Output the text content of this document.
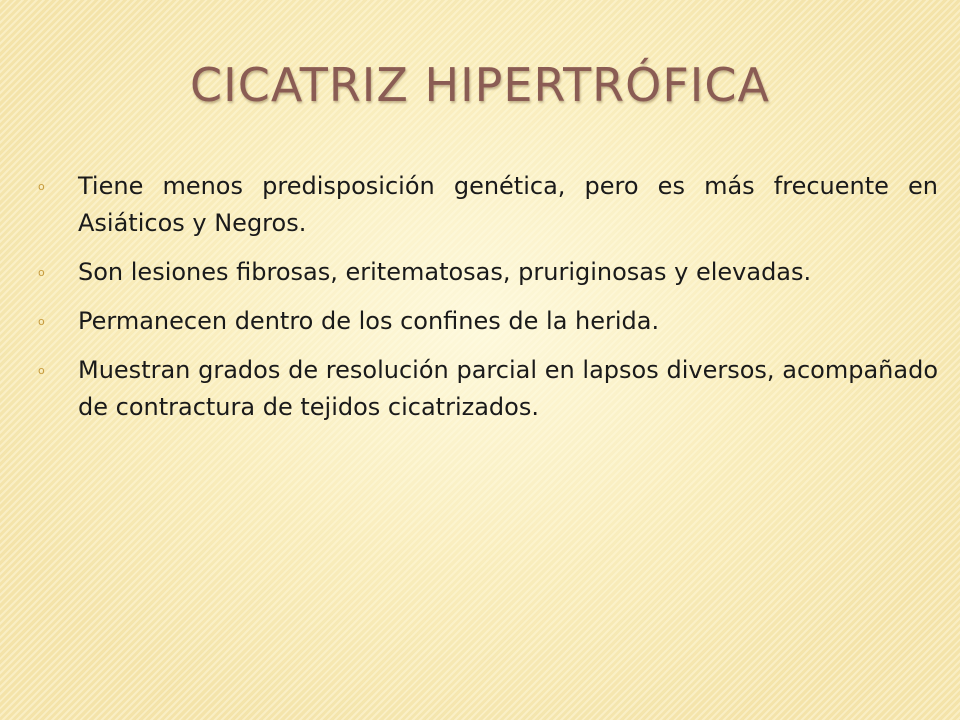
CICATRIZ HIPERTRÓFICA
o	Tiene menos predisposición genética, pero es más frecuente en Asiáticos y Negros.
o	Son lesiones fibrosas, eritematosas, pruriginosas y elevadas.
o	Permanecen dentro de los confines de la herida.
o	Muestran grados de resolución parcial en lapsos diversos, acompañado de contractura de tejidos cicatrizados.
